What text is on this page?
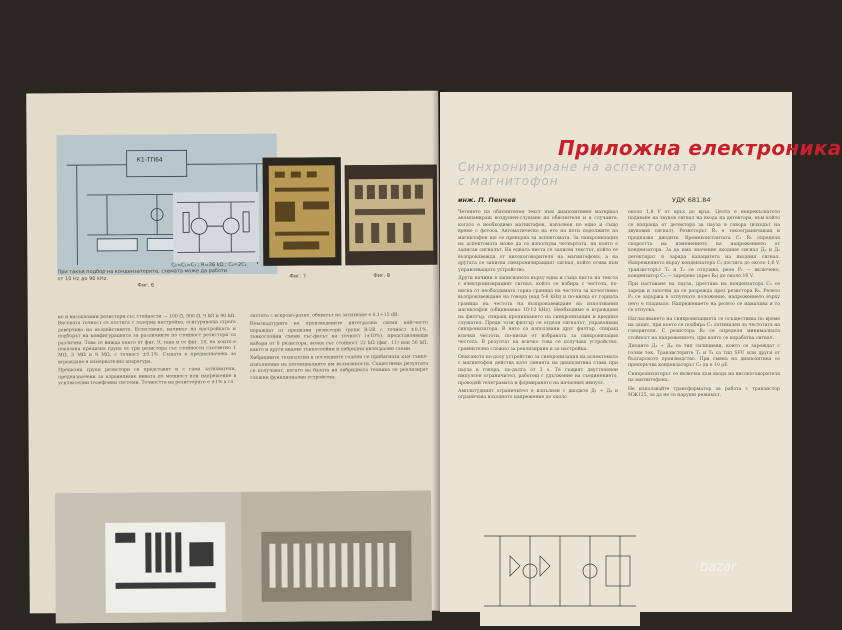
К1-ТП64
Фиг. 6
C₂=C₁=C₃ ; R=36 kΩ ; C₂=2C₁
При такъв подбор на кондензаторите, схемата може да работи
от 10 Hz до 90 kHz.	Фиг. 7	Фиг. 8

но и високоомни резистори със стойности — 100 Ω, 900 Ω, 9 kΩ и 90 kΩ. Високата точност се постига с лазерна настройка, осигуряваща строга доверчиво на въздействието. Естествено, начинът на настройката и подборът на конфигурацията за различните по стойност резистори са различни. Това се вижда както от фиг. 9, така и от фиг. 10, на които е показана прецизна група от три резистора със стойности съответно 1 MΩ, 3 MΩ и 9 MΩ, с точност ±0,1%. Същата е предназначена за вграждане в измервателна апаратура.

Прецизни групи резистори се представят и с гама затихватели, предназначени за изравняване нивата по мощност или напрежение в усилвателни телефонни системи. Точността на резисторите е ±1% в сл

листата с вскрояо-разпе, обхватът на затихване е 0,1÷15 dB.

Немзкадтурите на произведените интегрални схеми най-често пораждат от прецизни резистори групи R-2R с точност ±0,1%, тънкослойни схеми със-фасът на точност (±10%), представляващи набори от 8 резистора, всеки със стойност 22 kΩ (фиг. 11) или 56 kΩ, както и други видове тънкослойни и хибридни интегрални схеми.

Хибридните технологии в последните години се прибягнаха към тънко-изпълнение на потенциалните им възможности. Съществена резултата се получават, когато на базата на хибридната техника се реализират сложни функционални устройства.

Приложна електроника
Синхронизиране на аспектомата с магнитофон
инж. П. Пенчев	УДК 681.84

Четенето на обяснителен текст към диапозитивен материал акомпаниращ воздушен-слушане на обяснителя и в случаите, когато е необходимо магнитофон, изпълнен по едно и също време с фотоса. Автоматическо на ето на поти подолжите на магнитофон ще се превърна за аспектомата. За синхронизация на аспектомата може да се използува четвъртата, на които е записан сигналът. На едната писта се записва текстът, който се възпроизвежда от високоговорителя на магнитофона, а на другата се записва синхронизиращият сигнал, който отива към управляващото устройство.

Други начини в записването върху една и съща писта на текста с електронизирацият сигнал, който се избира с честота, по-ниска от необходимата горна граница на честота за качествено възпроизвеждане на говора (над 5-6 kHz) и по-ниска от горната граница на честота на възпроизвеждане на използвания магнитофон (обикновено 10-12 kHz). Необходимо е вграждане на филтър, спиращ проникването на синхронизация и вредния слушател. Преди този филтър се отделя сигналът, управляващ синхронизатора. В нето са използвани друг филтър, спиращ всички честоти, по-ниски от избраната за синхронизация честота. В резултат на всичко това се получава устройство, сравнително сложно за реализиране и за настройка.

Описаното по-долу устройство за синхронизация на аспектомата с магнитофон действа като сменята на диапозитива става при пауза в говора, по-дълга от 3 s. Те същият двустепенен импулсен ограничител, работещ с удължение на съединението, проводяй телеграмата и формирането на началния импулс.

Амплитудният ограничител е изпълнен с диодите Д₁ ÷ Д₄ и ограничава изходното напрежение до около

около 1,8 V от връх до връх. Целта е непрекъснатото подаване на звуков сигнал на входа на детектора, към който се изпраща от детектора за пауза в говора (изходът на звуковия сигнал). Резисторът R₁ е токоограничаващ и предпазва диодите. Времеконстантата C₁ R₁ определя скоростта на изменението на напрежението от кондензатора. За да има значение входния сигнал Д₁ и Д₂ детектират и заряда капацитета на входния сигнал. Напрежението върху кондензатора C₂ достига до около 1,6 V, транзисторът T₁ и T₂ се отпушва, реле P₁ — включено, кондензатор C₃ — заредено (през R₄) до около 16 V.

При наставане на пауза, престава на кондензатора C₃ се зареди и започва да се разрежда през резистора R₅. Релето P₁ се задържа в отпуснато положение, напрежението върху него е спаднало. Напрежението на релето се намалява и то се отпуска.

Нагласяването на синхронизацията се осъществява по време на запис, при което се подбира C₁ оптимален за честотата на говорителя. С резистора R₂ се определя минималната стойност на напрежението, при която се изработва сигнал.

Диодите Д₁ ÷ Д₄ са тип силициеви, които се зареждат с голям ток. Транзисторите T₁ и T₂ са тип SFU или други от българското производство. При смяна на диапозитива се препоръчва кондензаторът C₃ да е 10 μF.

Синхронизаторът се включва към входа на високоговорителя на магнитофона.

Не използвайте трансформатор за работа с транзистор МЖ125, за да не се наруши режимът.

bazar
